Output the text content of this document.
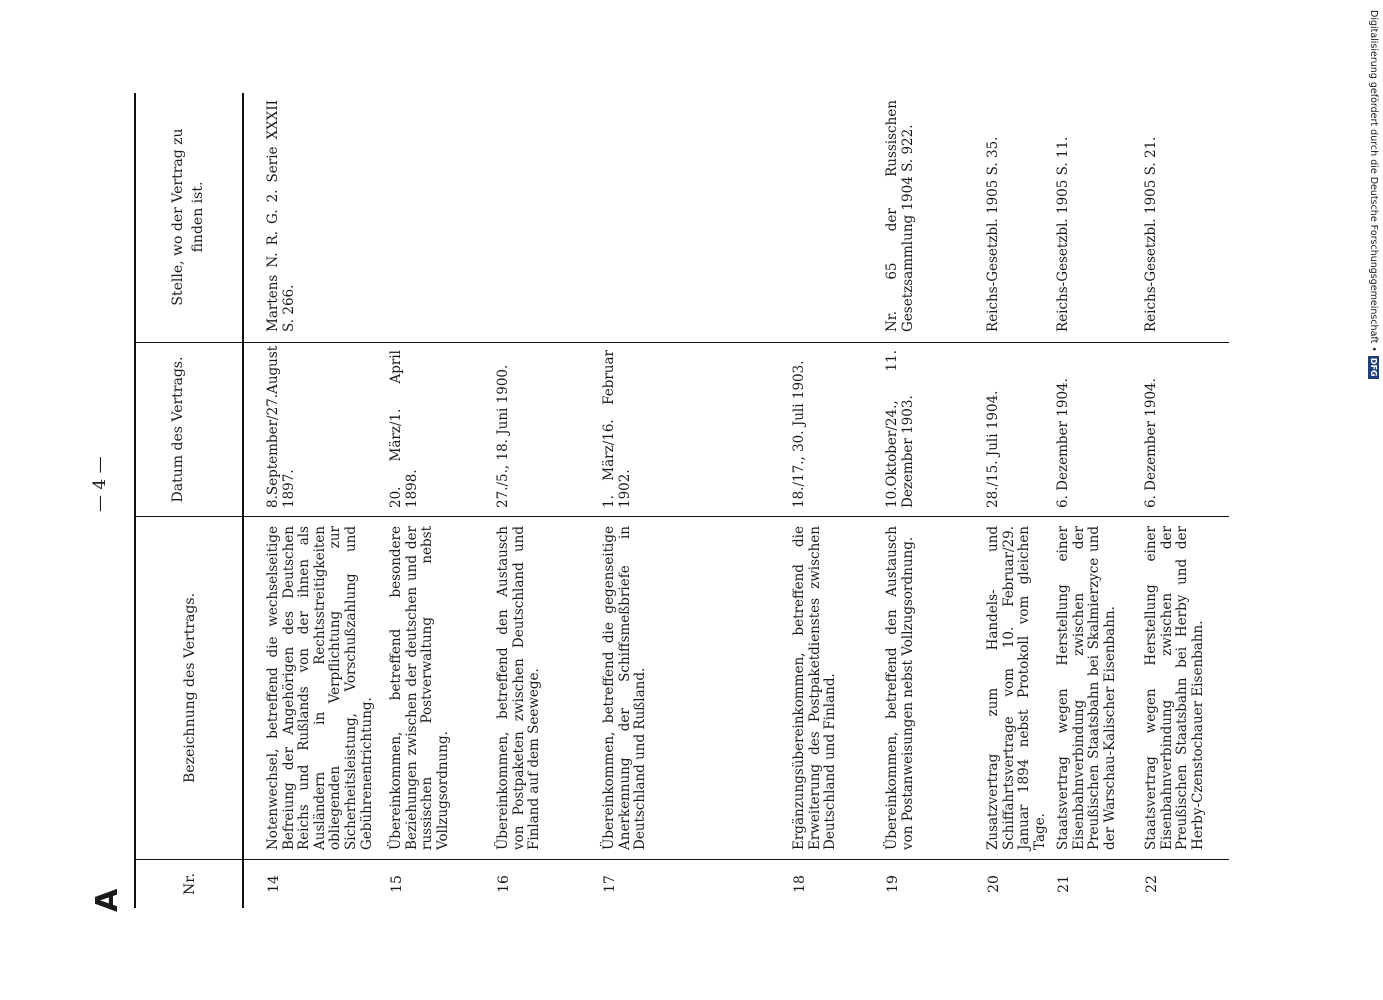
— 4 —
A
Nr.
Bezeichnung des Vertrags.
Datum des Vertrags.
Stelle, wo der Vertrag zu finden ist.
14
Notenwechsel, betreffend die wechselseitige Befreiung der Angehörigen des Deutschen Reichs und Rußlands von der ihnen als Ausländern in Rechtsstreitigkeiten obliegenden Verpflichtung zur Sicherheitsleistung, Vorschußzahlung und Gebührenentrichtung.
8.September/27.August 1897.
Martens N. R. G. 2. Serie XXXII S. 266.
15
Übereinkommen, betreffend besondere Beziehungen zwischen der deutschen und der russischen Postverwaltung nebst Vollzugsordnung.
20. März/1. April 1898.
16
Übereinkommen, betreffend den Austausch von Postpaketen zwischen Deutschland und Finland auf dem Seewege.
27./5., 18. Juni 1900.
17
Übereinkommen, betreffend die gegenseitige Anerkennung der Schiffsmeßbriefe in Deutschland und Rußland.
1. März/16. Februar 1902.
18
Ergänzungsübereinkommen, betreffend die Erweiterung des Postpaketdienstes zwischen Deutschland und Finland.
18./17., 30. Juli 1903.
19
Übereinkommen, betreffend den Austausch von Postanweisungen nebst Vollzugsordnung.
10.Oktober/24., 11. Dezember 1903.
Nr. 65 der Russischen Gesetzsammlung 1904 S. 922.
20
Zusatzvertrag zum Handels- und Schiffahrtsvertrage vom 10. Februar/29. Januar 1894 nebst Protokoll vom gleichen Tage.
28./15. Juli 1904.
Reichs-Gesetzbl. 1905 S. 35.
21
Staatsvertrag wegen Herstellung einer Eisenbahnverbindung zwischen der Preußischen Staatsbahn bei Skalmierzyce und der Warschau-Kalischer Eisenbahn.
6. Dezember 1904.
Reichs-Gesetzbl. 1905 S. 11.
22
Staatsvertrag wegen Herstellung einer Eisenbahnverbindung zwischen der Preußischen Staatsbahn bei Herby und der Herby-Czenstochauer Eisenbahn.
6. Dezember 1904.
Reichs-Gesetzbl. 1905 S. 21.	Digitalisierung gefördert durch die Deutsche Forschungsgemeinschaft •
DFG
